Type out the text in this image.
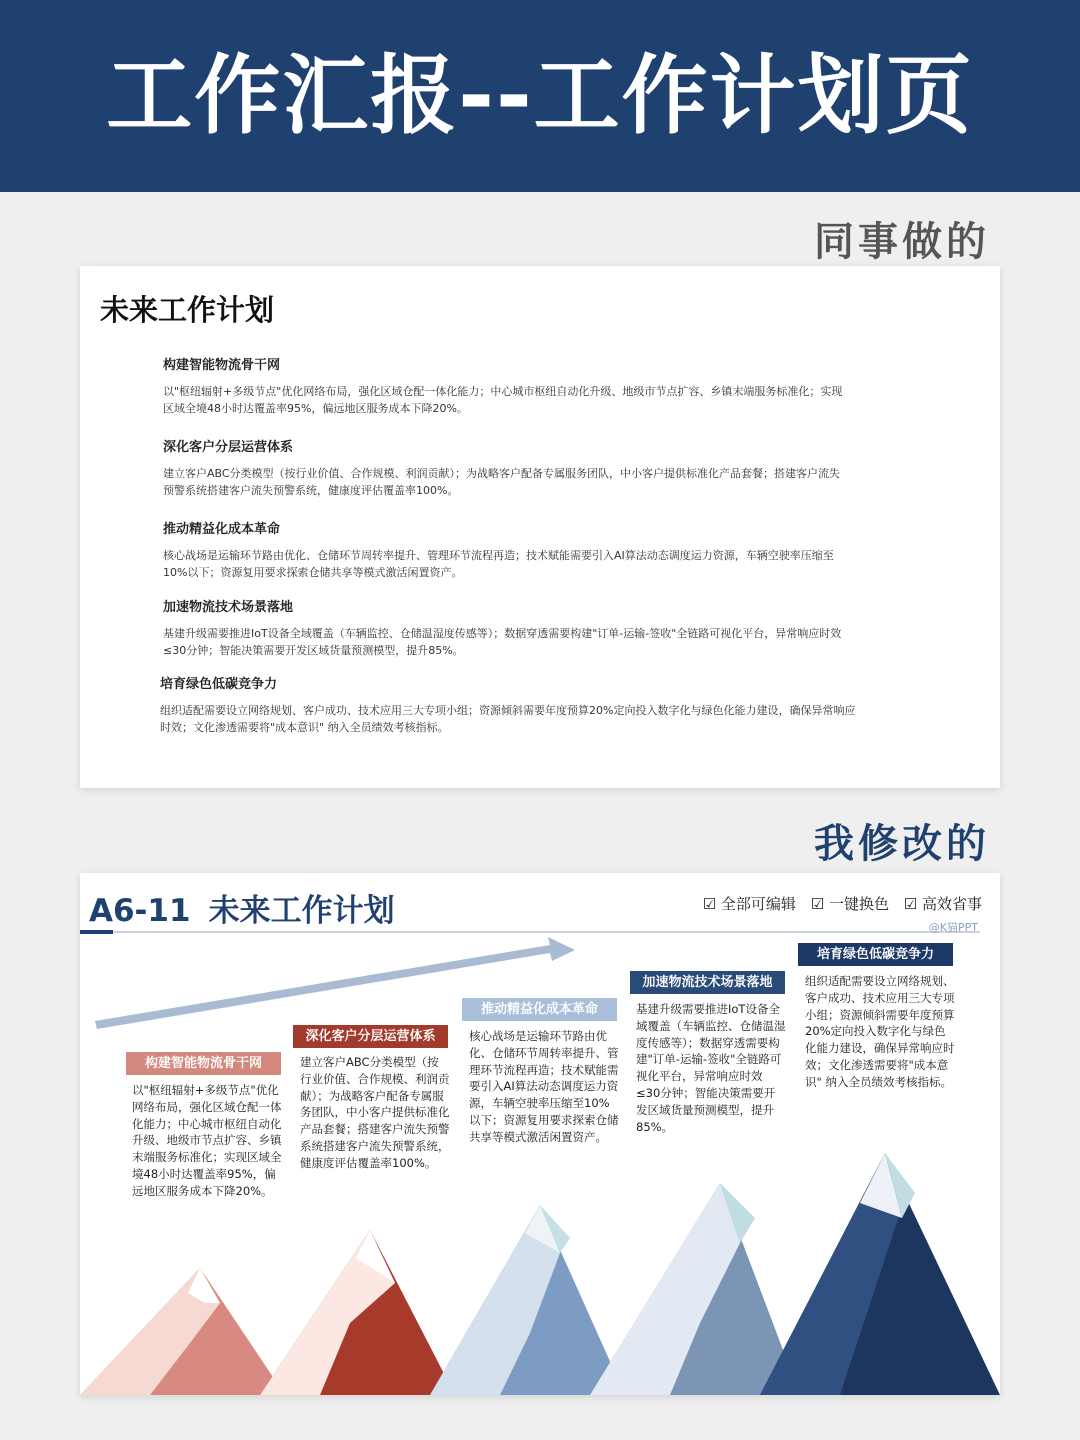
工作汇报--工作计划页
同事做的
未来工作计划
构建智能物流骨干网

以"枢纽辐射+多级节点"优化网络布局，强化区域仓配一体化能力；中心城市枢纽自动化升级、地级市节点扩容、乡镇末端服务标准化；实现区域全境48小时达覆盖率95%，偏远地区服务成本下降20%。

深化客户分层运营体系

建立客户ABC分类模型（按行业价值、合作规模、利润贡献）；为战略客户配备专属服务团队，中小客户提供标准化产品套餐；搭建客户流失预警系统搭建客户流失预警系统，健康度评估覆盖率100%。

推动精益化成本革命

核心战场是运输环节路由优化、仓储环节周转率提升、管理环节流程再造；技术赋能需要引入AI算法动态调度运力资源，车辆空驶率压缩至10%以下；资源复用要求探索仓储共享等模式激活闲置资产。

加速物流技术场景落地

基建升级需要推进IoT设备全域覆盖（车辆监控、仓储温湿度传感等）；数据穿透需要构建"订单-运输-签收"全链路可视化平台，异常响应时效≤30分钟；智能决策需要开发区域货量预测模型，提升85%。

培育绿色低碳竞争力

组织适配需要设立网络规划、客户成功、技术应用三大专项小组；资源倾斜需要年度预算20%定向投入数字化与绿色化能力建设，确保异常响应时效；文化渗透需要将"成本意识" 纳入全员绩效考核指标。

我修改的
A6-11 未来工作计划	☑ 全部可编辑 ☑ 一键换色 ☑ 高效省事
@K猫PPT
构建智能物流骨干网
以"枢纽辐射+多级节点"优化网络布局，强化区域仓配一体化能力；中心城市枢纽自动化升级、地级市节点扩容、乡镇末端服务标准化；实现区域全境48小时达覆盖率95%，偏远地区服务成本下降20%。
深化客户分层运营体系
建立客户ABC分类模型（按行业价值、合作规模、利润贡献）；为战略客户配备专属服务团队，中小客户提供标准化产品套餐；搭建客户流失预警系统搭建客户流失预警系统，健康度评估覆盖率100%。
推动精益化成本革命
核心战场是运输环节路由优化、仓储环节周转率提升、管理环节流程再造；技术赋能需要引入AI算法动态调度运力资源，车辆空驶率压缩至10%以下；资源复用要求探索仓储共享等模式激活闲置资产。
加速物流技术场景落地
基建升级需要推进IoT设备全域覆盖（车辆监控、仓储温湿度传感等）；数据穿透需要构建"订单-运输-签收"全链路可视化平台，异常响应时效≤30分钟；智能决策需要开发区域货量预测模型，提升85%。
培育绿色低碳竞争力
组织适配需要设立网络规划、客户成功、技术应用三大专项小组；资源倾斜需要年度预算20%定向投入数字化与绿色化能力建设，确保异常响应时效；文化渗透需要将"成本意识" 纳入全员绩效考核指标。
